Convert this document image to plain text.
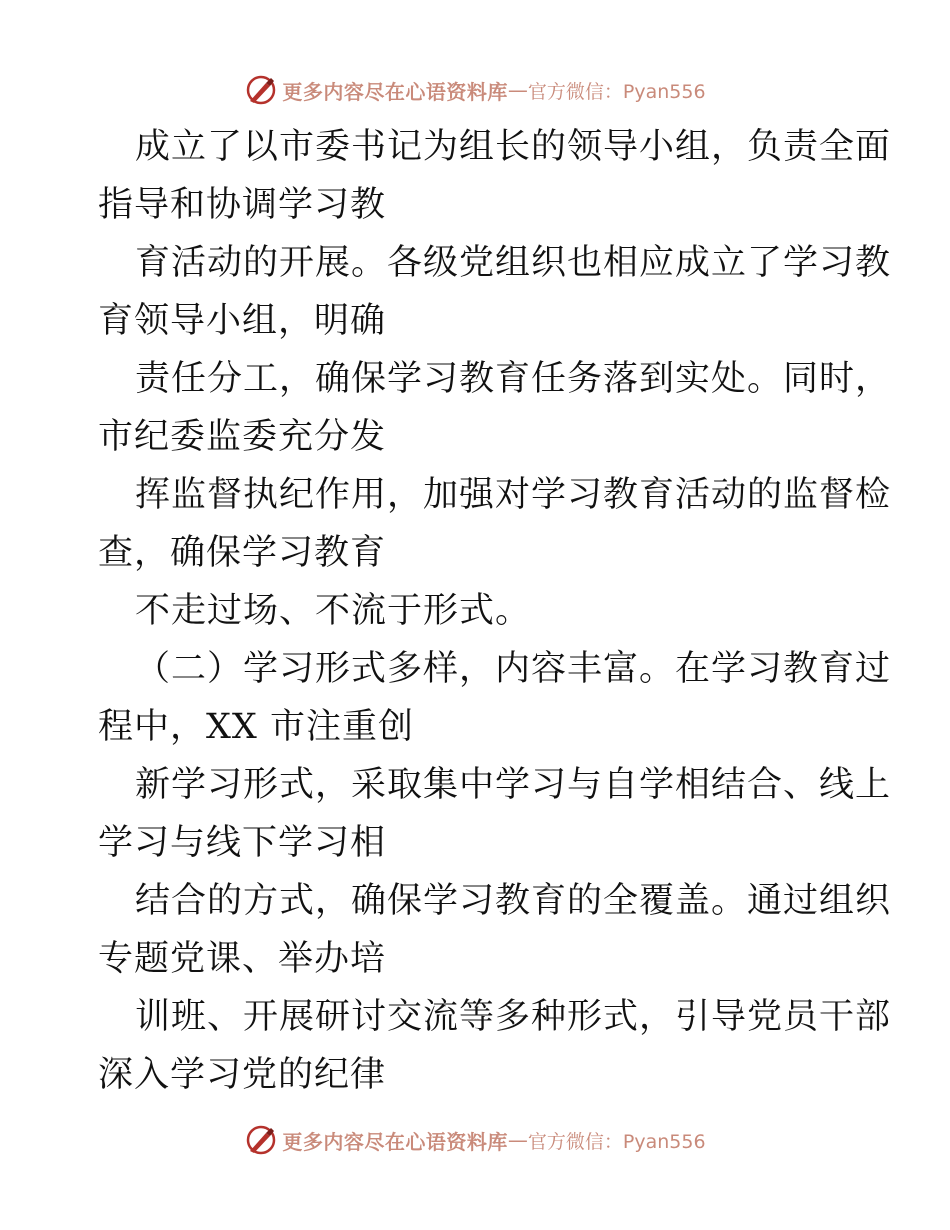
更多内容尽在心语资料库 — 官方微信：Pyan556
成立了以市委书记为组长的领导小组，负责全面
指导和协调学习教
育活动的开展。各级党组织也相应成立了学习教
育领导小组，明确
责任分工，确保学习教育任务落到实处。同时，
市纪委监委充分发
挥监督执纪作用，加强对学习教育活动的监督检
查，确保学习教育
不走过场、不流于形式。
（二）学习形式多样，内容丰富。在学习教育过
程中，XX 市注重创
新学习形式，采取集中学习与自学相结合、线上
学习与线下学习相
结合的方式，确保学习教育的全覆盖。通过组织
专题党课、举办培
训班、开展研讨交流等多种形式，引导党员干部
深入学习党的纪律
更多内容尽在心语资料库 — 官方微信：Pyan556
